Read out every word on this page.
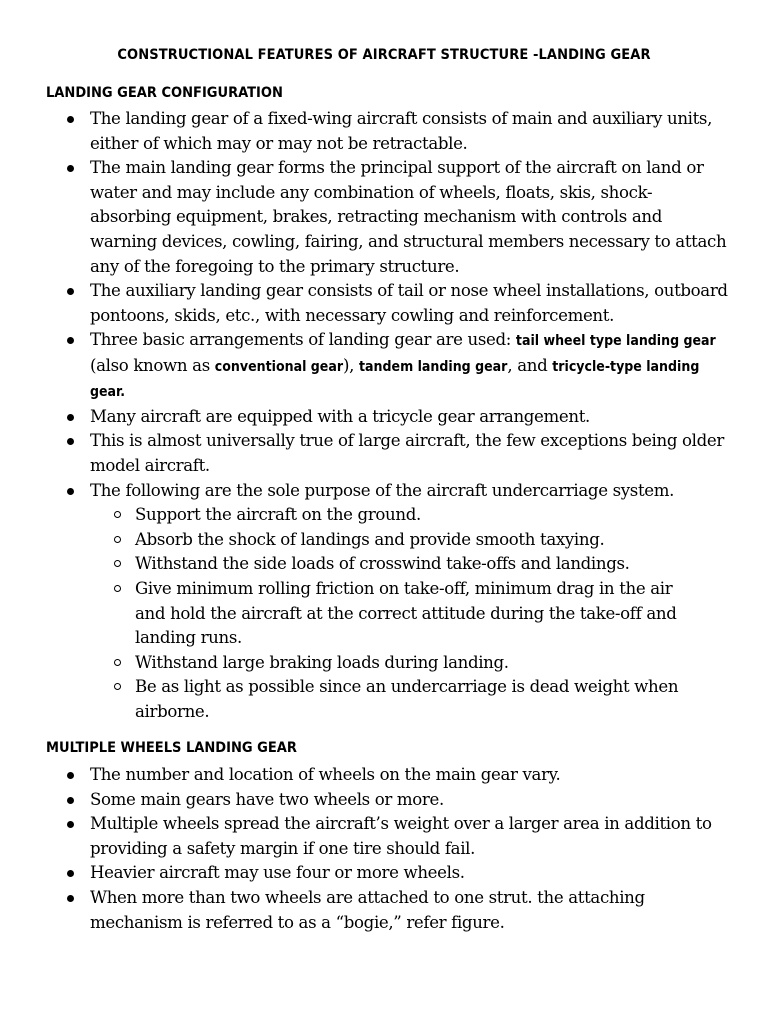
CONSTRUCTIONAL FEATURES OF AIRCRAFT STRUCTURE -LANDING GEAR
LANDING GEAR CONFIGURATION
The landing gear of a fixed-wing aircraft consists of main and auxiliary units, either of which may or may not be retractable.
The main landing gear forms the principal support of the aircraft on land or water and may include any combination of wheels, floats, skis, shock-absorbing equipment, brakes, retracting mechanism with controls and warning devices, cowling, fairing, and structural members necessary to attach any of the foregoing to the primary structure.
The auxiliary landing gear consists of tail or nose wheel installations, outboard pontoons, skids, etc., with necessary cowling and reinforcement.
Three basic arrangements of landing gear are used: tail wheel type landing gear (also known as conventional gear), tandem landing gear, and tricycle-type landing gear.
Many aircraft are equipped with a tricycle gear arrangement.
This is almost universally true of large aircraft, the few exceptions being older model aircraft.
The following are the sole purpose of the aircraft undercarriage system.
Support the aircraft on the ground.
Absorb the shock of landings and provide smooth taxying.
Withstand the side loads of crosswind take-offs and landings.
Give minimum rolling friction on take-off, minimum drag in the air and hold the aircraft at the correct attitude during the take-off and landing runs.
Withstand large braking loads during landing.
Be as light as possible since an undercarriage is dead weight when airborne.
MULTIPLE WHEELS LANDING GEAR
The number and location of wheels on the main gear vary.
Some main gears have two wheels or more.
Multiple wheels spread the aircraft’s weight over a larger area in addition to providing a safety margin if one tire should fail.
Heavier aircraft may use four or more wheels.
When more than two wheels are attached to one strut. the attaching mechanism is referred to as a “bogie,” refer figure.
